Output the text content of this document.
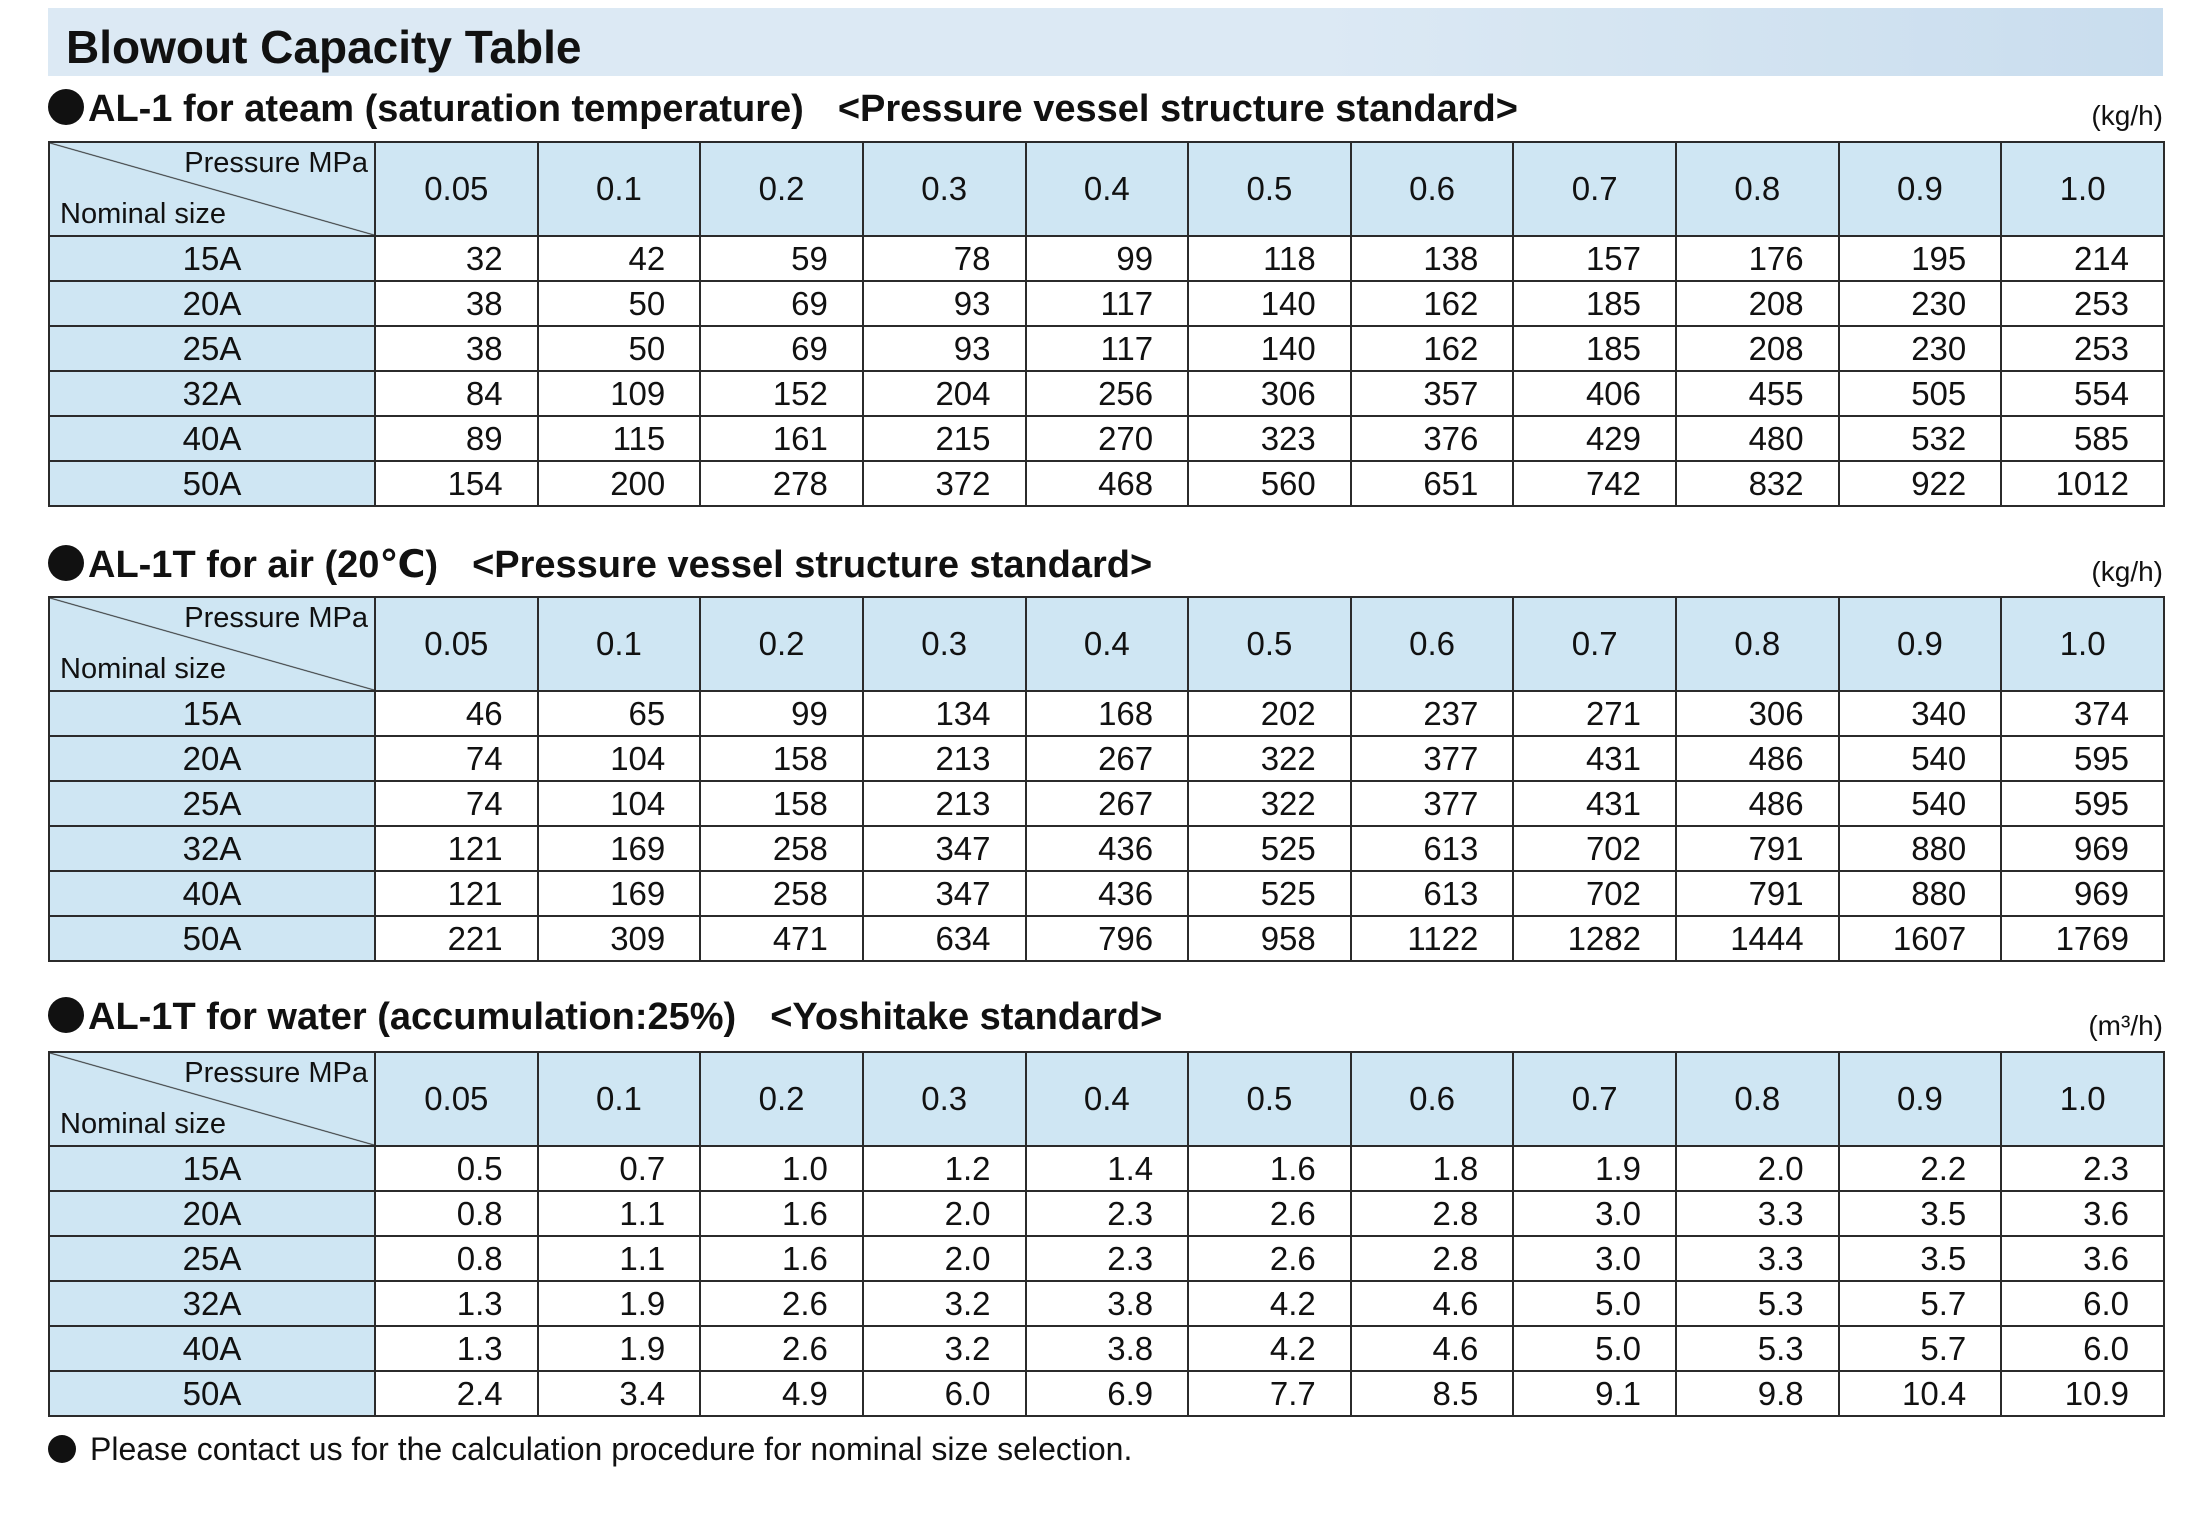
Blowout Capacity Table
AL-1 for ateam (saturation temperature) <Pressure vessel structure standard>	(kg/h)
Pressure MPa
Nominal size	0.05	0.1	0.2	0.3	0.4	0.5	0.6	0.7	0.8	0.9	1.0
15A	32	42	59	78	99	118	138	157	176	195	214
20A	38	50	69	93	117	140	162	185	208	230	253
25A	38	50	69	93	117	140	162	185	208	230	253
32A	84	109	152	204	256	306	357	406	455	505	554
40A	89	115	161	215	270	323	376	429	480	532	585
50A	154	200	278	372	468	560	651	742	832	922	1012
AL-1T for air (20℃) <Pressure vessel structure standard>	(kg/h)
Pressure MPa
Nominal size	0.05	0.1	0.2	0.3	0.4	0.5	0.6	0.7	0.8	0.9	1.0
15A	46	65	99	134	168	202	237	271	306	340	374
20A	74	104	158	213	267	322	377	431	486	540	595
25A	74	104	158	213	267	322	377	431	486	540	595
32A	121	169	258	347	436	525	613	702	791	880	969
40A	121	169	258	347	436	525	613	702	791	880	969
50A	221	309	471	634	796	958	1122	1282	1444	1607	1769
AL-1T for water (accumulation:25%) <Yoshitake standard>	(m³/h)
Pressure MPa
Nominal size	0.05	0.1	0.2	0.3	0.4	0.5	0.6	0.7	0.8	0.9	1.0
15A	0.5	0.7	1.0	1.2	1.4	1.6	1.8	1.9	2.0	2.2	2.3
20A	0.8	1.1	1.6	2.0	2.3	2.6	2.8	3.0	3.3	3.5	3.6
25A	0.8	1.1	1.6	2.0	2.3	2.6	2.8	3.0	3.3	3.5	3.6
32A	1.3	1.9	2.6	3.2	3.8	4.2	4.6	5.0	5.3	5.7	6.0
40A	1.3	1.9	2.6	3.2	3.8	4.2	4.6	5.0	5.3	5.7	6.0
50A	2.4	3.4	4.9	6.0	6.9	7.7	8.5	9.1	9.8	10.4	10.9
Please contact us for the calculation procedure for nominal size selection.
